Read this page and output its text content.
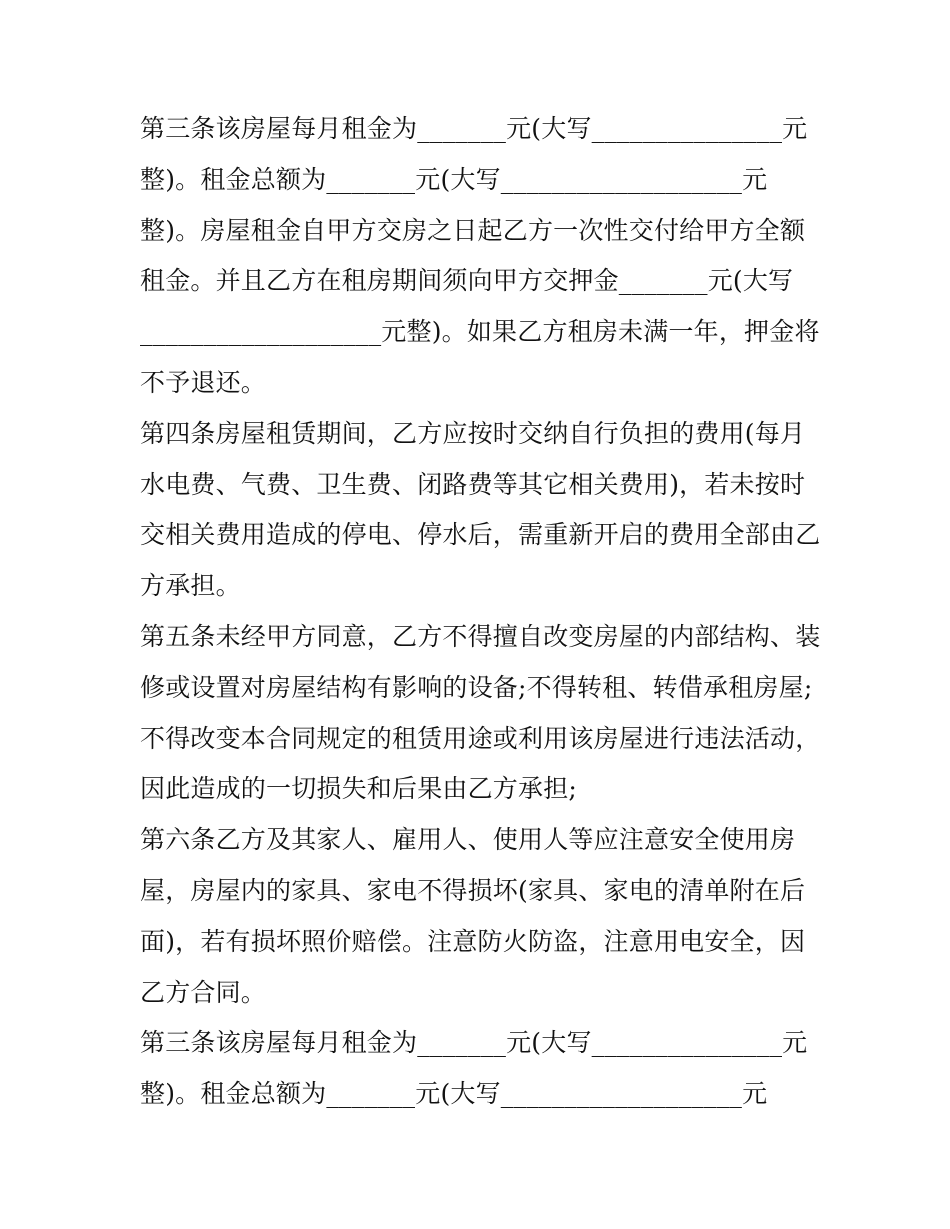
第三条该房屋每月租金为_______元(大写_______________元
整)。租金总额为_______元(大写___________________元
整)。房屋租金自甲方交房之日起乙方一次性交付给甲方全额
租金。并且乙方在租房期间须向甲方交押金_______元(大写
___________________元整)。如果乙方租房未满一年，押金将
不予退还。
第四条房屋租赁期间，乙方应按时交纳自行负担的费用(每月
水电费、气费、卫生费、闭路费等其它相关费用)，若未按时
交相关费用造成的停电、停水后，需重新开启的费用全部由乙
方承担。
第五条未经甲方同意，乙方不得擅自改变房屋的内部结构、装
修或设置对房屋结构有影响的设备;不得转租、转借承租房屋;
不得改变本合同规定的租赁用途或利用该房屋进行违法活动，
因此造成的一切损失和后果由乙方承担;
第六条乙方及其家人、雇用人、使用人等应注意安全使用房
屋，房屋内的家具、家电不得损坏(家具、家电的清单附在后
面)，若有损坏照价赔偿。注意防火防盗，注意用电安全，因
乙方合同。
第三条该房屋每月租金为_______元(大写_______________元
整)。租金总额为_______元(大写___________________元
